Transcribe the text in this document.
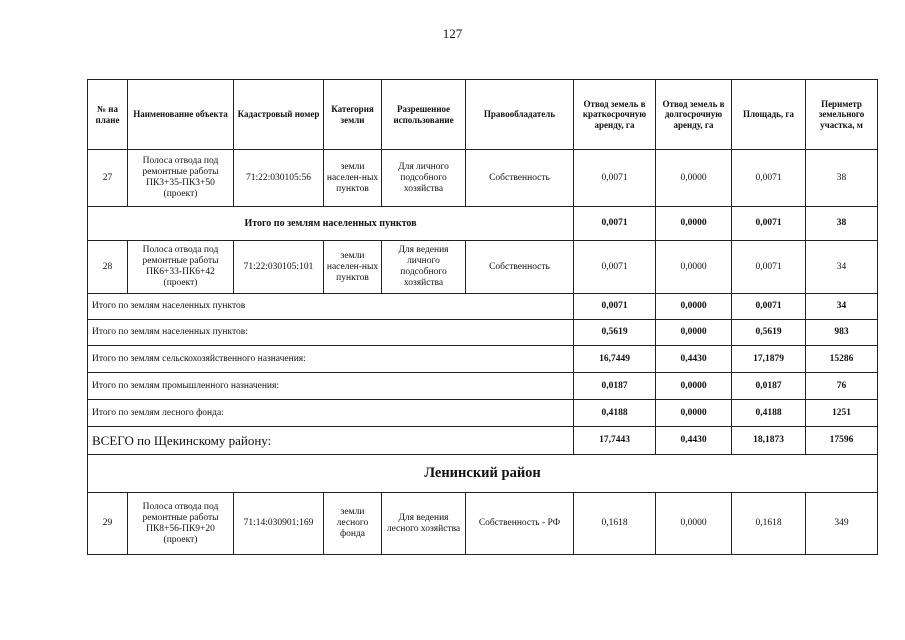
127
№ на плане	Наименование объекта	Кадастровый номер	Категория земли	Разрешенное использование	Правообладатель	Отвод земель в краткосрочную аренду, га	Отвод земель в долгосрочную аренду, га	Площадь, га	Периметр земельного участка, м
27	Полоса отвода под ремонтные работы ПК3+35-ПК3+50 (проект)	71:22:030105:56	земли населен-ных пунктов	Для личного подсобного хозяйства	Собственность	0,0071	0,0000	0,0071	38
Итого по землям населенных пунктов						0,0071	0,0000	0,0071	38
28	Полоса отвода под ремонтные работы ПК6+33-ПК6+42 (проект)	71:22:030105:101	земли населен-ных пунктов	Для ведения личного подсобного хозяйства	Собственность	0,0071	0,0000	0,0071	34
Итого по землям населенных пунктов						0,0071	0,0000	0,0071	34
Итого по землям населенных пунктов:						0,5619	0,0000	0,5619	983
Итого по землям сельскохозяйственного назначения:						16,7449	0,4430	17,1879	15286
Итого по землям промышленного назначения:						0,0187	0,0000	0,0187	76
Итого по землям лесного фонда:						0,4188	0,0000	0,4188	1251
ВСЕГО по Щекинскому району:						17,7443	0,4430	18,1873	17596
Ленинский район									
29	Полоса отвода под ремонтные работы ПК8+56-ПК9+20 (проект)	71:14:030901:169	земли лесного фонда	Для ведения лесного хозяйства	Собственность - РФ	0,1618	0,0000	0,1618	349
